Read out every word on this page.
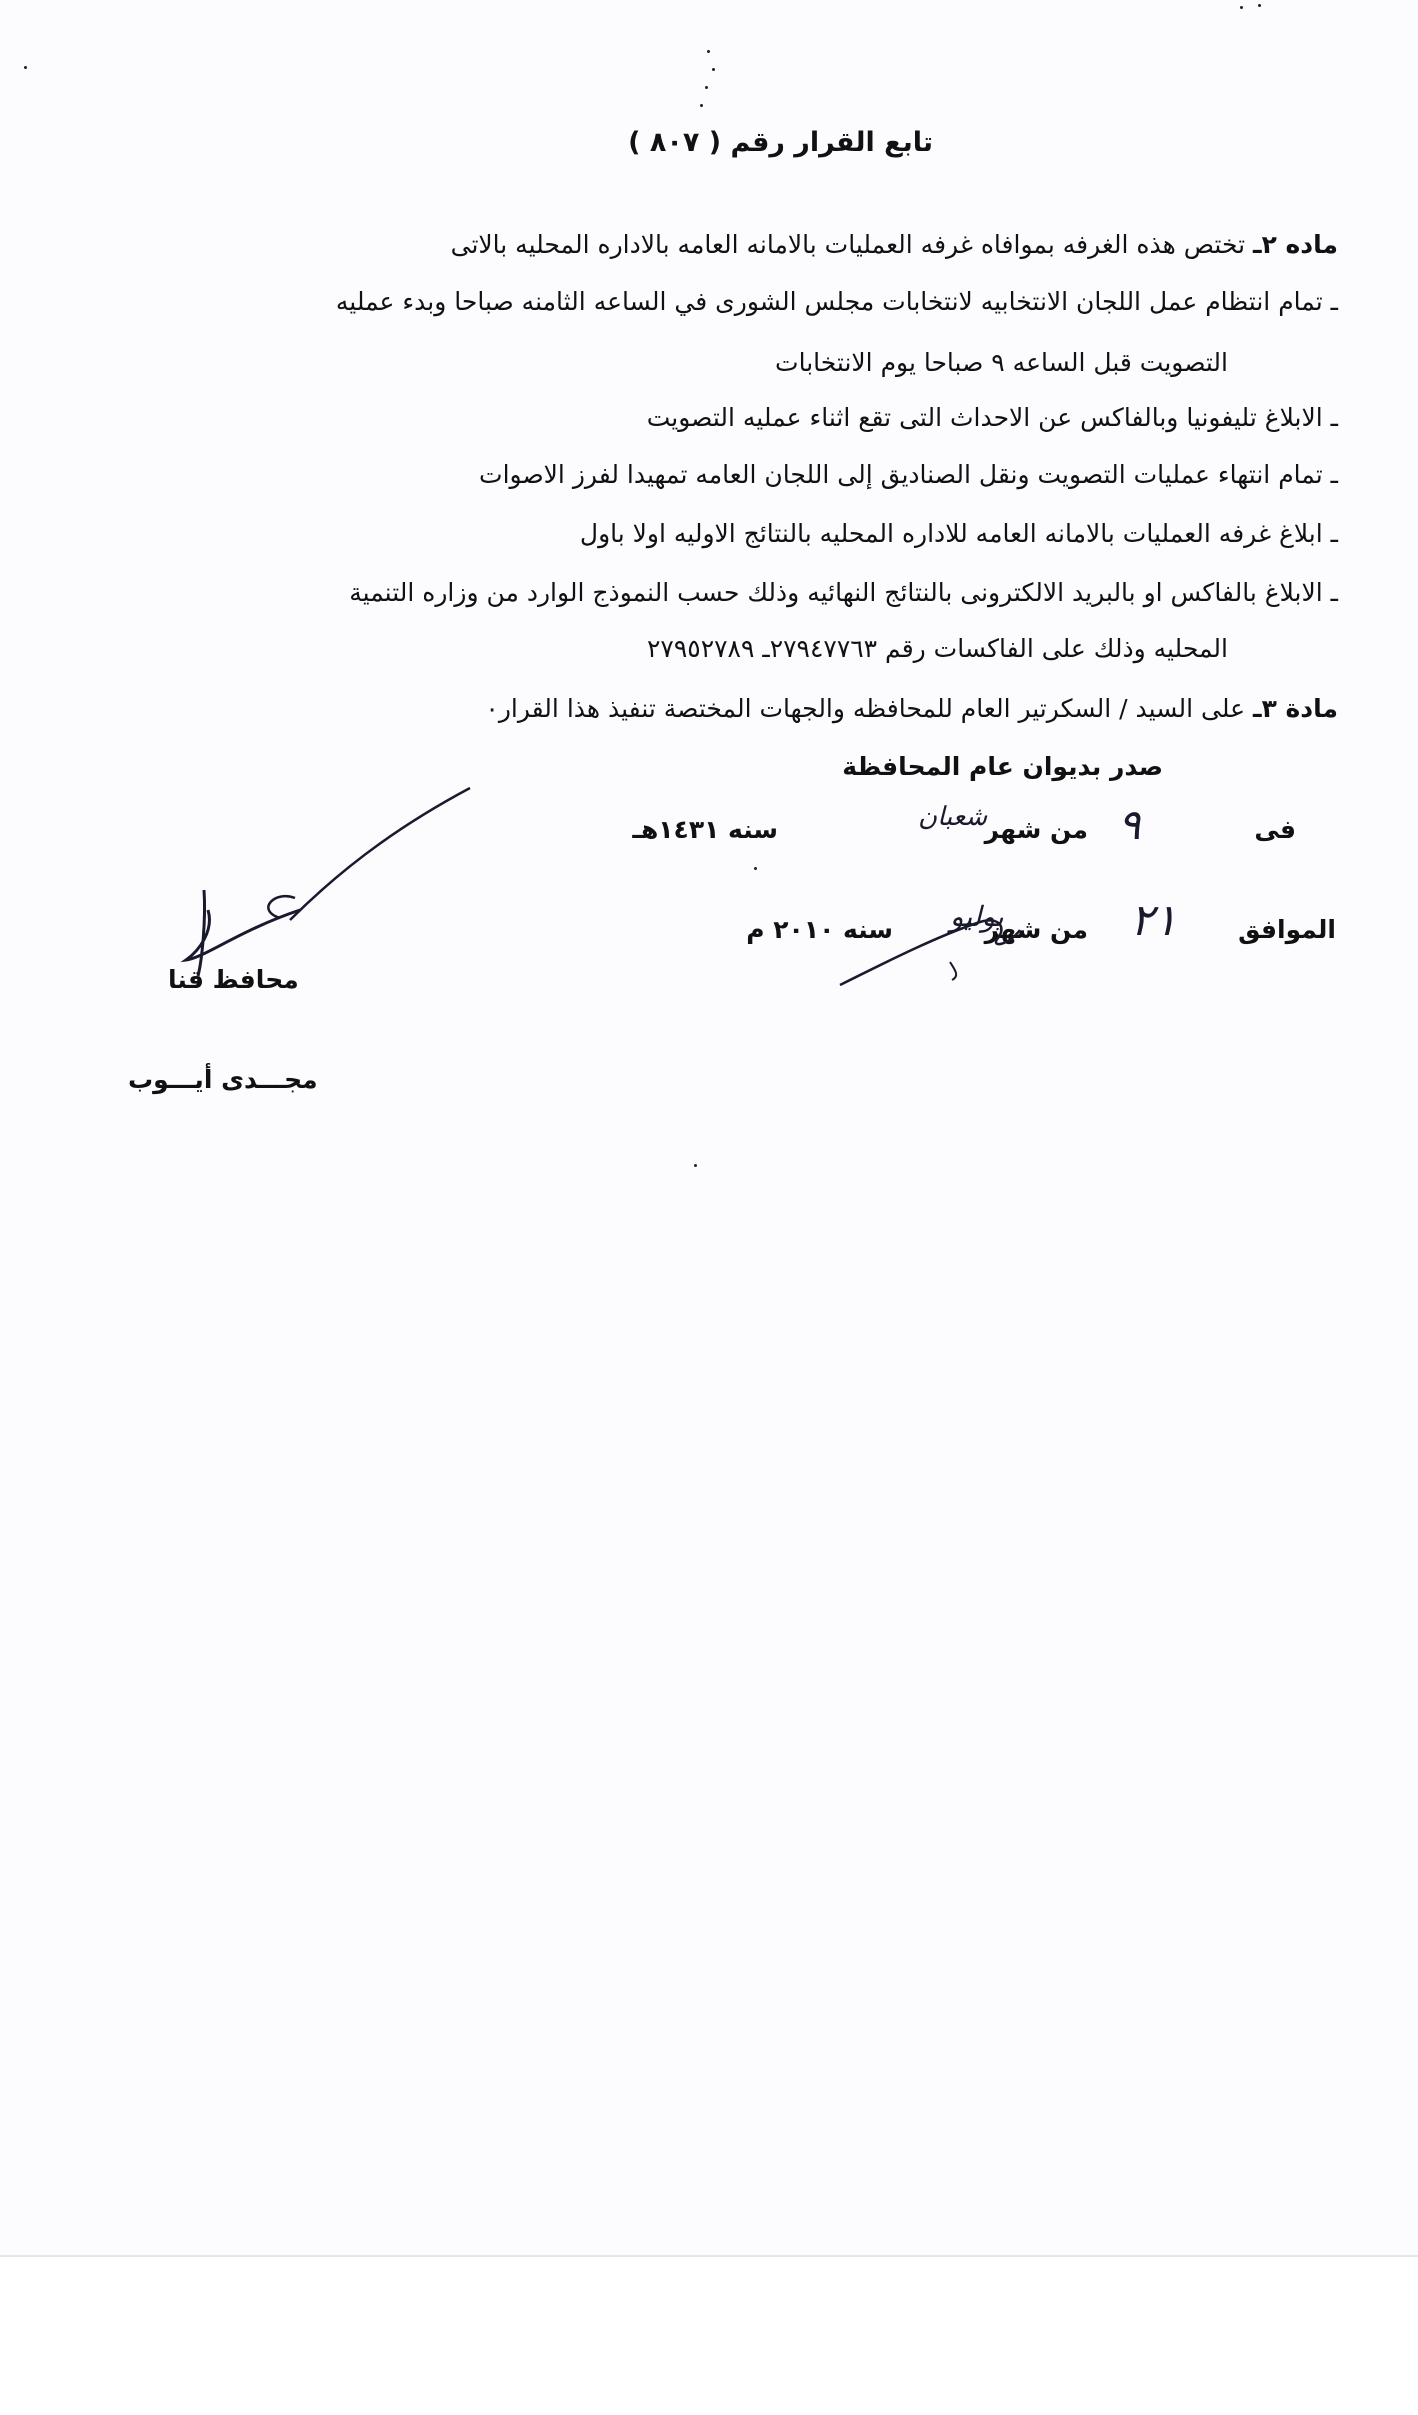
تابع القرار رقم ( ٨٠٧ )
ماده ٢ـ تختص هذه الغرفه بموافاه غرفه العمليات بالامانه العامه بالاداره المحليه بالاتى
ـ تمام انتظام عمل اللجان الانتخابيه لانتخابات مجلس الشورى في الساعه الثامنه صباحا وبدء عمليه
التصويت قبل الساعه ٩ صباحا يوم الانتخابات
ـ الابلاغ تليفونيا وبالفاكس عن الاحداث التى تقع اثناء عمليه التصويت
ـ تمام انتهاء عمليات التصويت ونقل الصناديق إلى اللجان العامه تمهيدا لفرز الاصوات
ـ ابلاغ غرفه العمليات بالامانه العامه للاداره المحليه بالنتائج الاوليه اولا باول
ـ الابلاغ بالفاكس او بالبريد الالكترونى بالنتائج النهائيه وذلك حسب النموذج الوارد من وزاره التنمية
المحليه وذلك على الفاكسات رقم ٢٧٩٤٧٧٦٣ـ ٢٧٩٥٢٧٨٩
مادة ٣ـ على السيد / السكرتير العام للمحافظه والجهات المختصة تنفيذ هذا القرار٠
صدر بديوان عام المحافظة
فى
٩
من شهر
شعبان
سنه ١٤٣١هـ
الموافق
٢١
من شهر
يوليو
سنه ٢٠١٠ م
محافظ قنا
مجـــدى أيـــوب
